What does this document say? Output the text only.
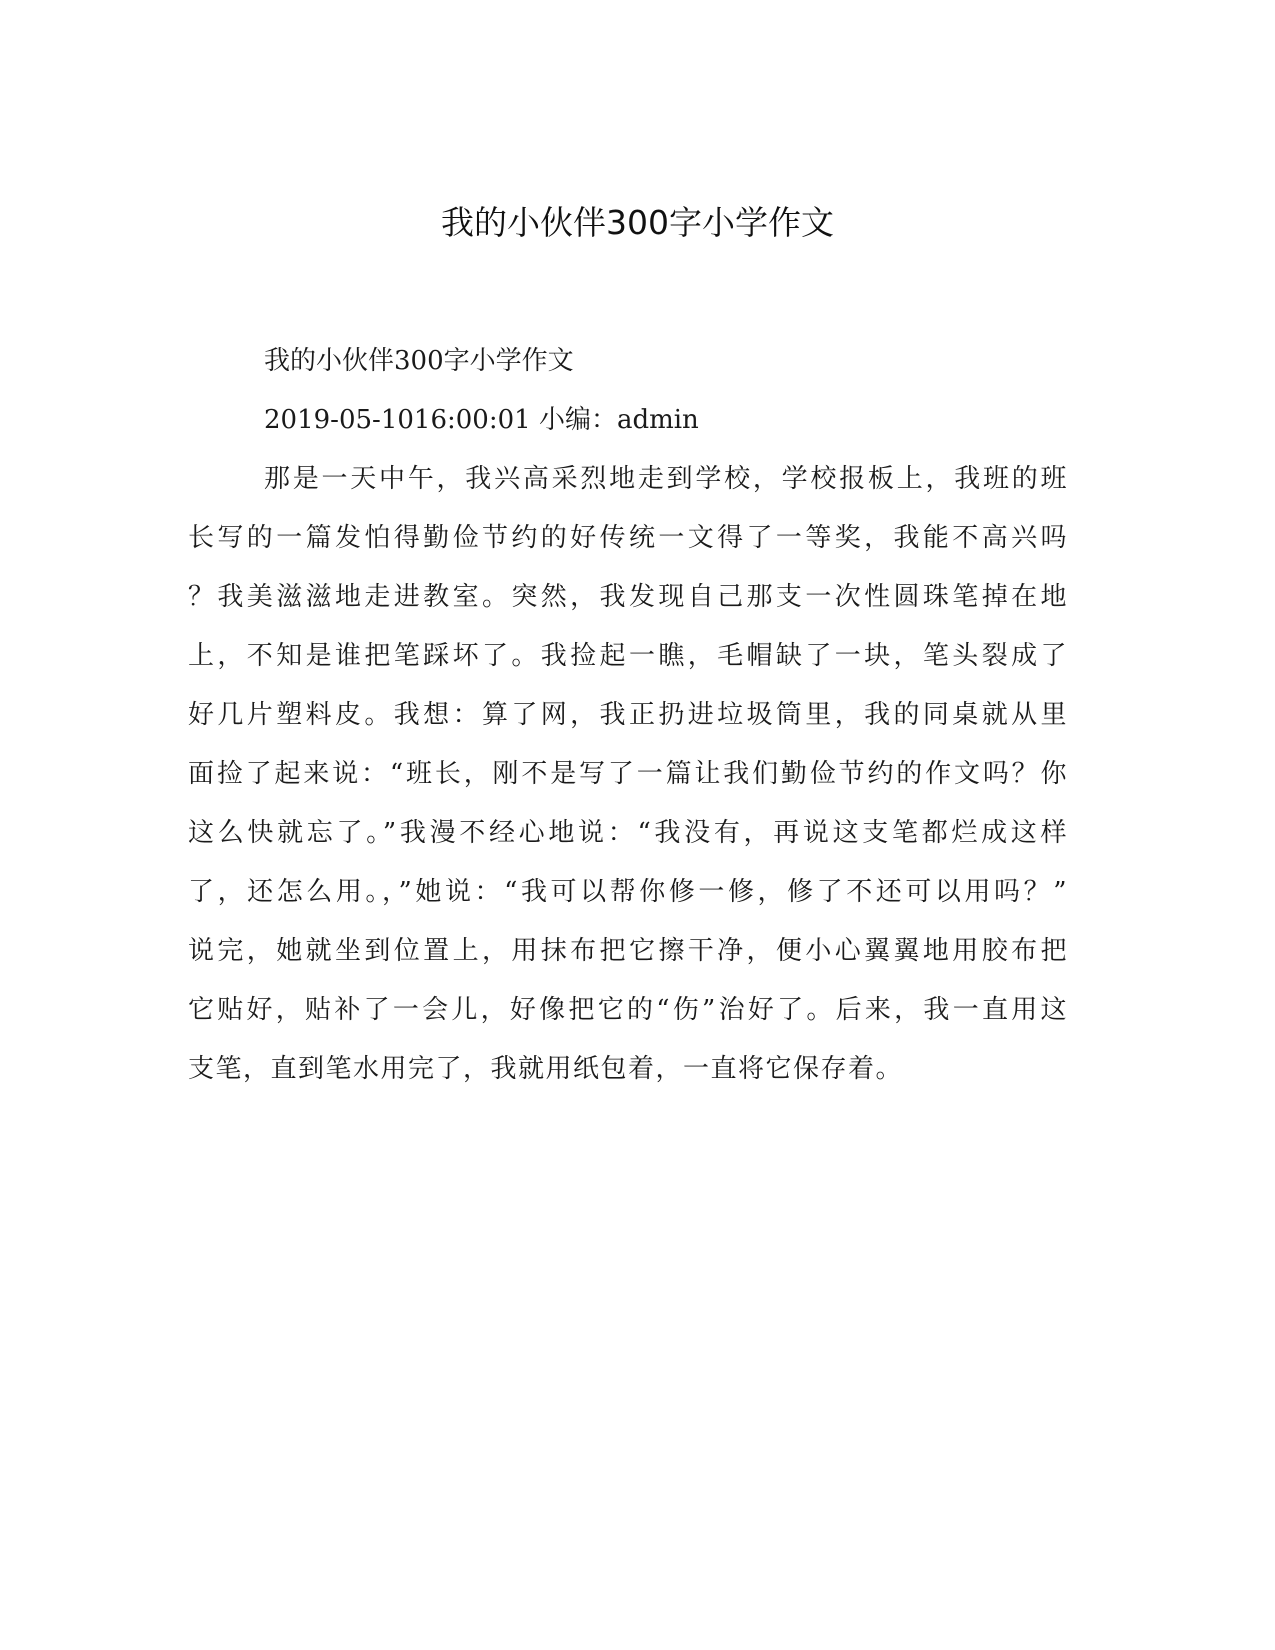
我的小伙伴300字小学作文
我的小伙伴300字小学作文
2019-05-1016:00:01 小编：admin
那是一天中午，我兴高采烈地走到学校，学校报板上，我班的班
长写的一篇发怕得勤俭节约的好传统一文得了一等奖，我能不高兴吗
？我美滋滋地走进教室。突然，我发现自己那支一次性圆珠笔掉在地
上，不知是谁把笔踩坏了。我捡起一瞧，毛帽缺了一块，笔头裂成了
好几片塑料皮。我想：算了网，我正扔进垃圾筒里，我的同桌就从里
面捡了起来说：“班长，刚不是写了一篇让我们勤俭节约的作文吗？你
这么快就忘了。”我漫不经心地说：“我没有，再说这支笔都烂成这样
了，还怎么用。，”她说：“我可以帮你修一修，修了不还可以用吗？”
说完，她就坐到位置上，用抹布把它擦干净，便小心翼翼地用胶布把
它贴好，贴补了一会儿，好像把它的“伤”治好了。后来，我一直用这
支笔，直到笔水用完了，我就用纸包着，一直将它保存着。
